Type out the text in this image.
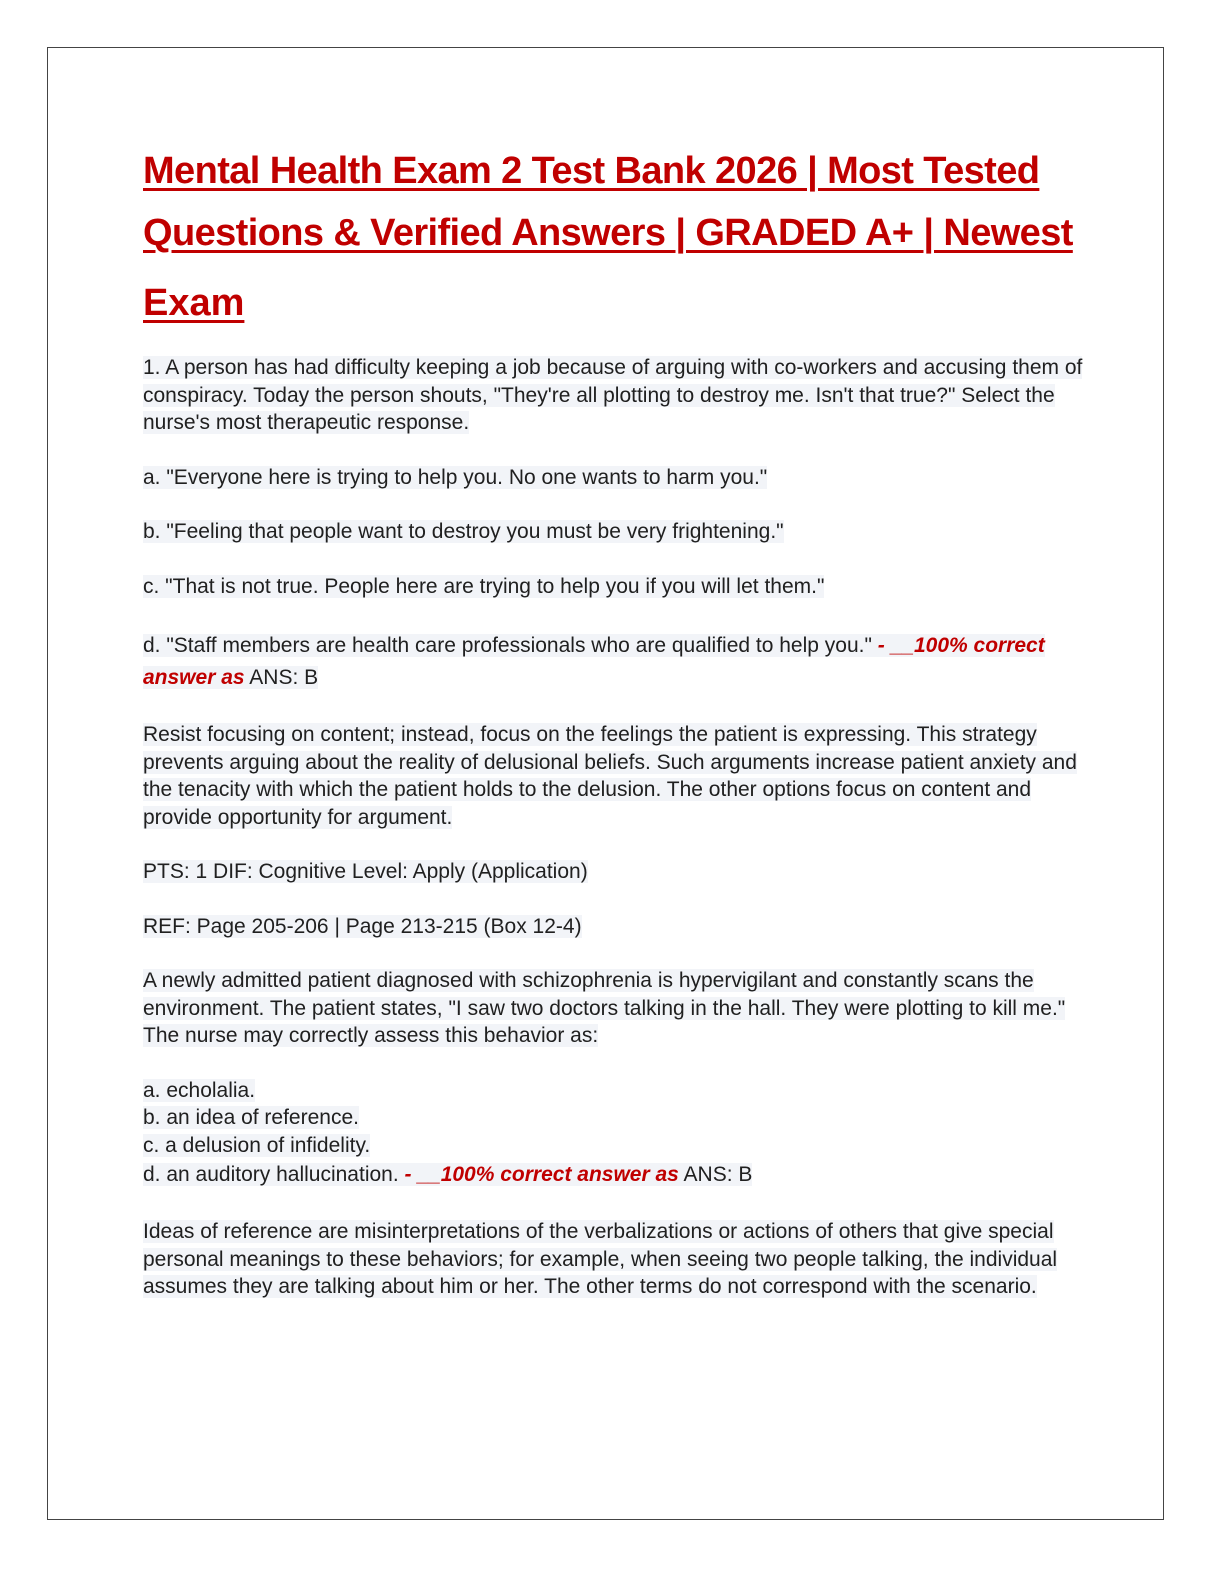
Mental Health Exam 2 Test Bank 2026 | Most Tested Questions & Verified Answers | GRADED A+ | Newest
Exam

1. A person has had difficulty keeping a job because of arguing with co-workers and accusing them of conspiracy. Today the person shouts, "They're all plotting to destroy me. Isn't that true?" Select the nurse's most therapeutic response.

a. "Everyone here is trying to help you. No one wants to harm you."

b. "Feeling that people want to destroy you must be very frightening."

c. "That is not true. People here are trying to help you if you will let them."

d. "Staff members are health care professionals who are qualified to help you." - __100% correct answer as ANS: B

Resist focusing on content; instead, focus on the feelings the patient is expressing. This strategy prevents arguing about the reality of delusional beliefs. Such arguments increase patient anxiety and the tenacity with which the patient holds to the delusion. The other options focus on content and provide opportunity for argument.

PTS: 1 DIF: Cognitive Level: Apply (Application)

REF: Page 205-206 | Page 213-215 (Box 12-4)

A newly admitted patient diagnosed with schizophrenia is hypervigilant and constantly scans the environment. The patient states, "I saw two doctors talking in the hall. They were plotting to kill me." The nurse may correctly assess this behavior as:

a. echolalia.

b. an idea of reference.

c. a delusion of infidelity.

d. an auditory hallucination. - __100% correct answer as ANS: B

Ideas of reference are misinterpretations of the verbalizations or actions of others that give special personal meanings to these behaviors; for example, when seeing two people talking, the individual assumes they are talking about him or her. The other terms do not correspond with the scenario.
